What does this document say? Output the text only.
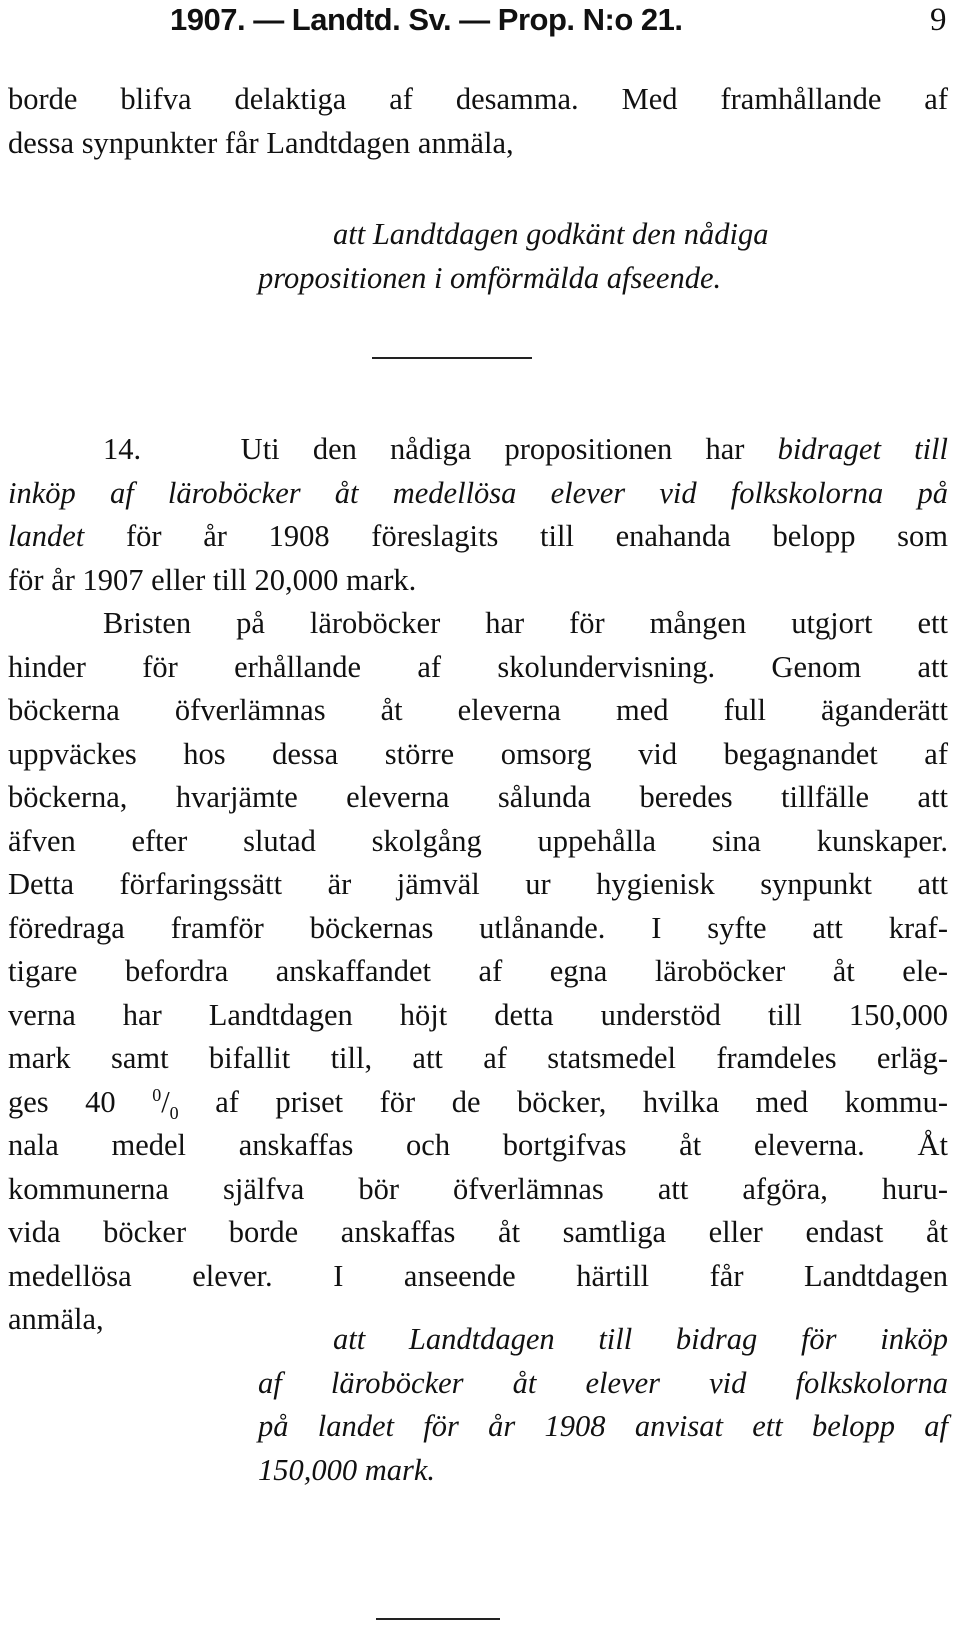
1907. — Landtd. Sv. — Prop. N:o 21.	9
borde blifva delaktiga af desamma. Med framhållande af
dessa synpunkter får Landtdagen anmäla,
att Landtdagen godkänt den nådiga
propositionen i omförmälda afseende.
14.	Uti den nådiga propositionen har bidraget till
inköp af läroböcker åt medellösa elever vid folkskolorna på
landet för år 1908 föreslagits till enahanda belopp som
för år 1907 eller till 20,000 mark.
Bristen på läroböcker har för mången utgjort ett
hinder för erhållande af skolundervisning. Genom att
böckerna öfverlämnas åt eleverna med full äganderätt
uppväckes hos dessa större omsorg vid begagnandet af
böckerna, hvarjämte eleverna sålunda beredes tillfälle att
äfven efter slutad skolgång uppehålla sina kunskaper.
Detta förfaringssätt är jämväl ur hygienisk synpunkt att
föredraga framför böckernas utlånande. I syfte att kraf-
tigare befordra anskaffandet af egna läroböcker åt ele-
verna har Landtdagen höjt detta understöd till 150,000
mark samt bifallit till, att af statsmedel framdeles erläg-
ges 40 $^0/_0$ af priset för de böcker, hvilka med kommu-
nala medel anskaffas och bortgifvas åt eleverna. Åt
kommunerna själfva bör öfverlämnas att afgöra, huru-
vida böcker borde anskaffas åt samtliga eller endast åt
medellösa elever. I anseende härtill får Landtdagen
anmäla,
att Landtdagen till bidrag för inköp
af läroböcker åt elever vid folkskolorna
på landet för år 1908 anvisat ett belopp af
150,000 mark.
